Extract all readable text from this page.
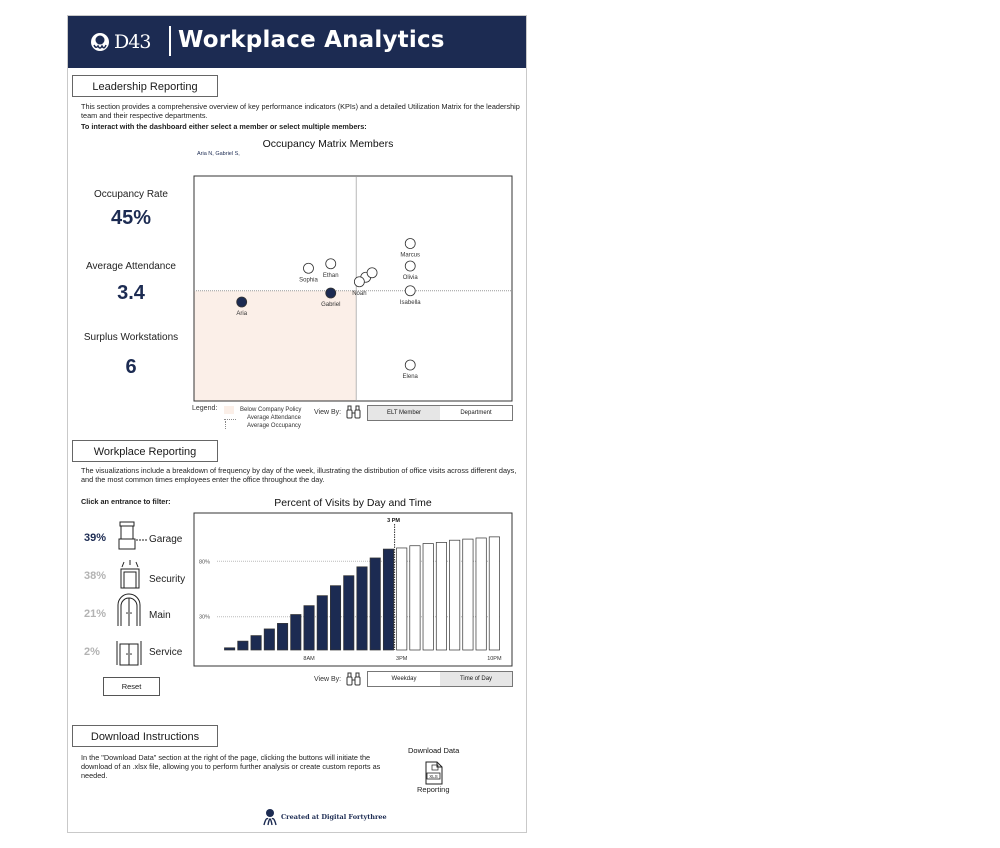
D43 Workplace Analytics
Leadership Reporting
This section provides a comprehensive overview of key performance indicators (KPIs) and a detailed Utilization Matrix for the leadership team and their respective departments.
To interact with the dashboard either select a member or select multiple members:
Occupancy Matrix Members
Aria N, Gabriel S,
Occupancy Rate
45%
Average Attendance
3.4
Surplus Workstations
6
Marcus
Olivia
Sophia
Ethan
Noah
Isabella
Gabriel
Aria
Elena
Legend:	Below Company Policy
Average Attendance
Average Occupancy
View By:	ELT Member	Department
Workplace Reporting
The visualizations include a breakdown of frequency by day of the week, illustrating the distribution of office visits across different days, and the most common times employees enter the office throughout the day.
Click an entrance to filter:	Percent of Visits by Day and Time
39%	Garage
38%	Security
21%	Main
2%	Service
Reset
80%
30%
3 PM
8AM	3PM	10PM
View By:	Weekday	Time of Day
Download Instructions
In the "Download Data" section at the right of the page, clicking the buttons will initiate the download of an .xlsx file, allowing you to perform further analysis or create custom reports as needed.
Download Data
XLS
Reporting
Created at Digital Fortythree
